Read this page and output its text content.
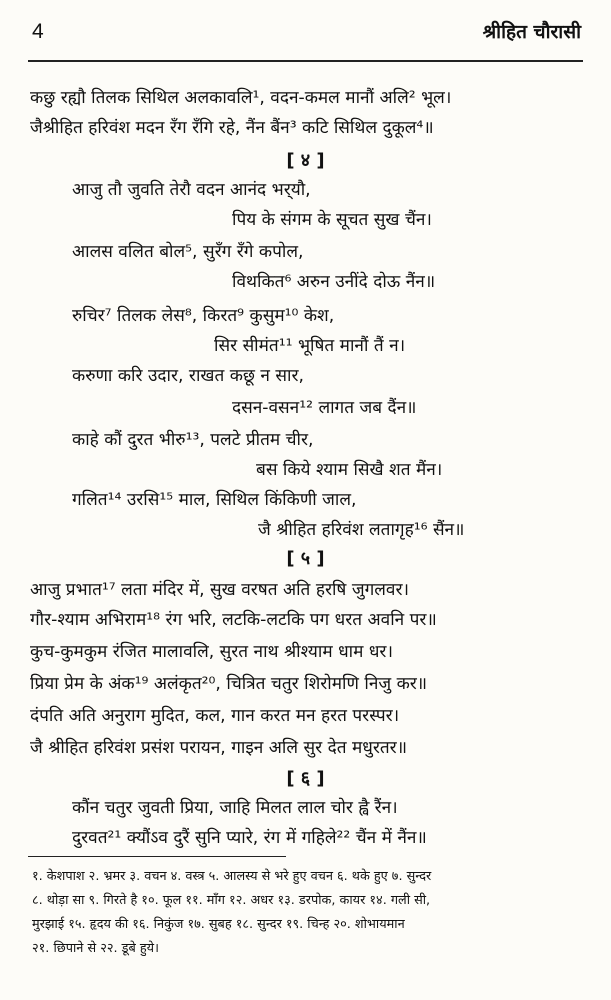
4	श्रीहित चौरासी
कछु रह्यौ तिलक सिथिल अलकावलि¹, वदन-कमल मानौं अलि² भूल।
जैश्रीहित हरिवंश मदन रँग रँगि रहे, नैंन बैंन³ कटि सिथिल दुकूल⁴॥
[ ४ ]
आजु तौ जुवति तेरौ वदन आनंद भर्‌यौ,
पिय के संगम के सूचत सुख चैंन।
आलस वलित बोल⁵, सुरँग रँगे कपोल,
विथकित⁶ अरुन उनींदे दोऊ नैंन॥
रुचिर⁷ तिलक लेस⁸, किरत⁹ कुसुम¹⁰ केश,
सिर सीमंत¹¹ भूषित मानौं तैं न।
करुणा करि उदार, राखत कछू न सार,
दसन-वसन¹² लागत जब दैंन॥
काहे कौं दुरत भीरु¹³, पलटे प्रीतम चीर,
बस किये श्याम सिखै शत मैंन।
गलित¹⁴ उरसि¹⁵ माल, सिथिल किंकिणी जाल,
जै श्रीहित हरिवंश लतागृह¹⁶ सैंन॥
[ ५ ]
आजु प्रभात¹⁷ लता मंदिर में, सुख वरषत अति हरषि जुगलवर।
गौर-श्याम अभिराम¹⁸ रंग भरि, लटकि-लटकि पग धरत अवनि पर॥
कुच-कुमकुम रंजित मालावलि, सुरत नाथ श्रीश्याम धाम धर।
प्रिया प्रेम के अंक¹⁹ अलंकृत²⁰, चित्रित चतुर शिरोमणि निजु कर॥
दंपति अति अनुराग मुदित, कल, गान करत मन हरत परस्पर।
जै श्रीहित हरिवंश प्रसंश परायन, गाइन अलि सुर देत मधुरतर॥
[ ६ ]
कौंन चतुर जुवती प्रिया, जाहि मिलत लाल चोर ह्वै रैंन।
दुरवत²¹ क्यौंऽव दुरैं सुनि प्यारे, रंग में गहिले²² चैंन में नैंन॥
१. केशपाश २. भ्रमर ३. वचन ४. वस्त्र ५. आलस्य से भरे हुए वचन ६. थके हुए ७. सुन्दर
८. थोड़ा सा ९. गिरते है १०. फूल ११. माँग १२. अधर १३. डरपोक, कायर १४. गली सी,
मुरझाई १५. हृदय की १६. निकुंज १७. सुबह १८. सुन्दर १९. चिन्ह २०. शोभायमान
२१. छिपाने से २२. डूबे हुये।
